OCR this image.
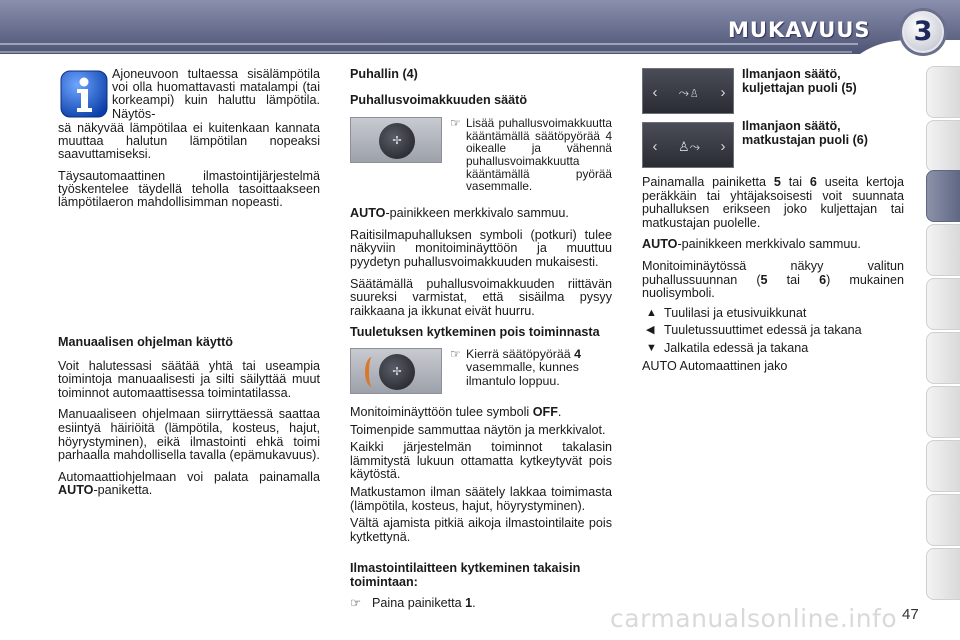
MUKAVUUS	3
Ajoneuvoon tultaessa sisälämpötila voi olla huomattavasti matalampi (tai korkeampi) kuin haluttu lämpötila. Näytös-

sä näkyvää lämpötilaa ei kuitenkaan kannata muuttaa halutun lämpötilan nopeaksi saavuttamiseksi.

Täysautomaattinen ilmastointijärjestelmä työskentelee täydellä teholla tasoittaakseen lämpötilaeron mahdollisimman nopeasti.

Manuaalisen ohjelman käyttö

Voit halutessasi säätää yhtä tai useampia toimintoja manuaalisesti ja silti säilyttää muut toiminnot automaattisessa toimintatilassa.

Manuaaliseen ohjelmaan siirryttäessä saattaa esiintyä häiriöitä (lämpötila, kosteus, hajut, höyrystyminen), eikä ilmastointi ehkä toimi parhaalla mahdollisella tavalla (epämukavuus).

Automaattiohjelmaan voi palata painamalla AUTO-paniketta.

Puhallin (4)
Puhallusvoimakkuuden säätö
✢
☞ Lisää puhallusvoimakkuutta kääntämällä säätöpyörää 4 oikealle ja vähennä puhallusvoimakkuutta kääntämällä pyörää vasemmalle.

AUTO-painikkeen merkkivalo sammuu.

Raitisilmapuhalluksen symboli (potkuri) tulee näkyviin monitoiminäyttöön ja muuttuu pyydetyn puhallusvoimakkuuden mukaisesti.

Säätämällä puhallusvoimakkuuden riittävän suureksi varmistat, että sisäilma pysyy raikkaana ja ikkunat eivät huurru.

Tuuletuksen kytkeminen pois toiminnasta
✢
☞ Kierrä säätöpyörää 4 vasemmalle, kunnes ilmantulo loppuu.

Monitoiminäyttöön tulee symboli OFF.

Toimenpide sammuttaa näytön ja merkkivalot.

Kaikki järjestelmän toiminnot takalasin lämmitystä lukuun ottamatta kytkeytyvät pois käytöstä.

Matkustamon ilman säätely lakkaa toimimasta (lämpötila, kosteus, hajut, höyrystyminen).

Vältä ajamista pitkiä aikoja ilmastointilaite pois kytkettynä.

Ilmastointilaitteen kytkeminen takaisin toimintaan:
☞ Paina painiketta 1.
‹	⤳♙	›
Ilmanjaon säätö, kuljettajan puoli (5)
‹	♙⤳	›
Ilmanjaon säätö, matkustajan puoli (6)

Painamalla painiketta 5 tai 6 useita kertoja peräkkäin tai yhtäjaksoisesti voit suunnata puhalluksen erikseen joko kuljettajan tai matkustajan puolelle.

AUTO-painikkeen merkkivalo sammuu.

Monitoiminäytössä näkyy valitun puhallussuunnan (5 tai 6) mukainen nuolisymboli.

▲ Tuulilasi ja etusivuikkunat
◀ Tuuletussuuttimet edessä ja takana
▼ Jalkatila edessä ja takana

AUTO Automaattinen jako

carmanualsonline.info 47
